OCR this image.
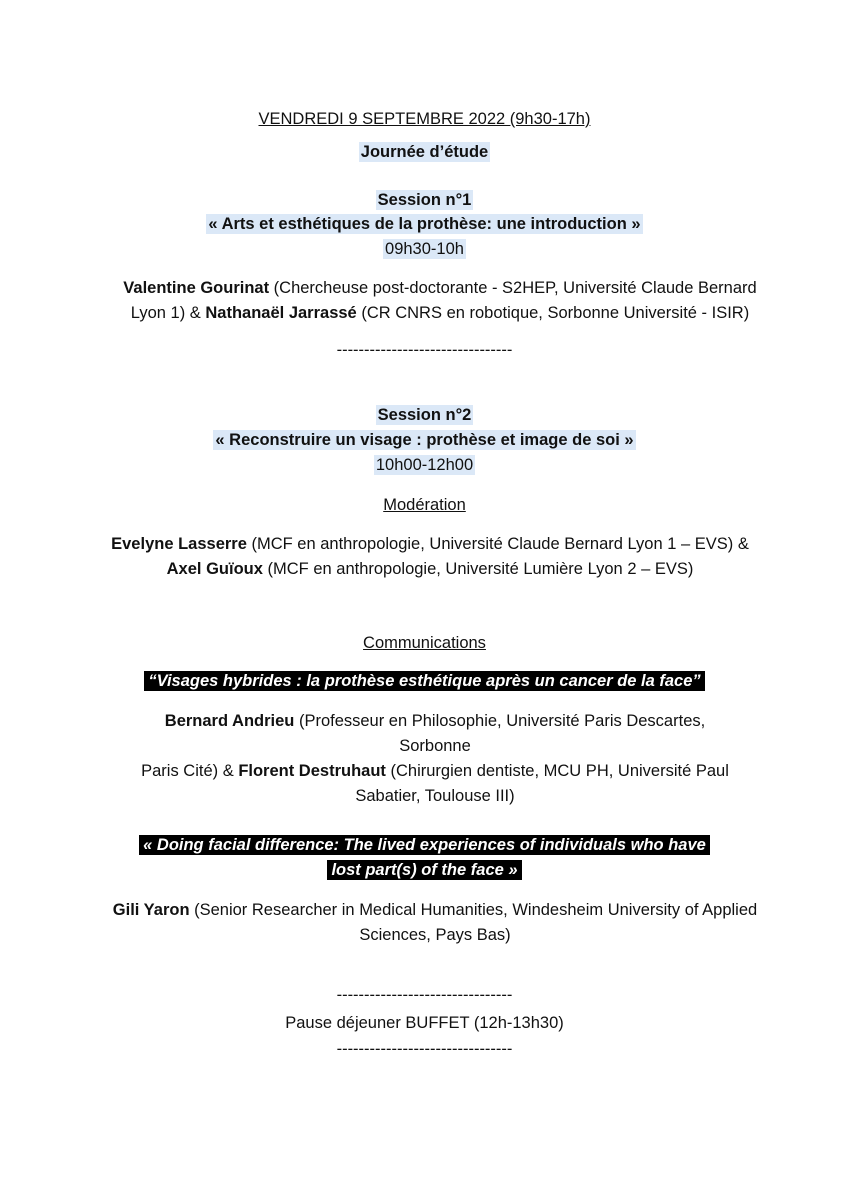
VENDREDI 9 SEPTEMBRE 2022 (9h30-17h)
Journée d’étude
Session n°1
« Arts et esthétiques de la prothèse: une introduction »
09h30-10h
Valentine Gourinat (Chercheuse post-doctorante - S2HEP, Université Claude Bernard
Lyon 1) & Nathanaël Jarrassé (CR CNRS en robotique, Sorbonne Université - ISIR)
--------------------------------
Session n°2
« Reconstruire un visage : prothèse et image de soi »
10h00-12h00
Modération
Evelyne Lasserre (MCF en anthropologie, Université Claude Bernard Lyon 1 – EVS) &
Axel Guïoux (MCF en anthropologie, Université Lumière Lyon 2 – EVS)
Communications
“Visages hybrides : la prothèse esthétique après un cancer de la face”
Bernard Andrieu (Professeur en Philosophie, Université Paris Descartes, Sorbonne
Paris Cité) & Florent Destruhaut (Chirurgien dentiste, MCU PH, Université Paul
Sabatier, Toulouse III)
« Doing facial difference: The lived experiences of individuals who have
lost part(s) of the face »
Gili Yaron (Senior Researcher in Medical Humanities, Windesheim University of Applied
Sciences, Pays Bas)
--------------------------------
Pause déjeuner BUFFET (12h-13h30)
--------------------------------
